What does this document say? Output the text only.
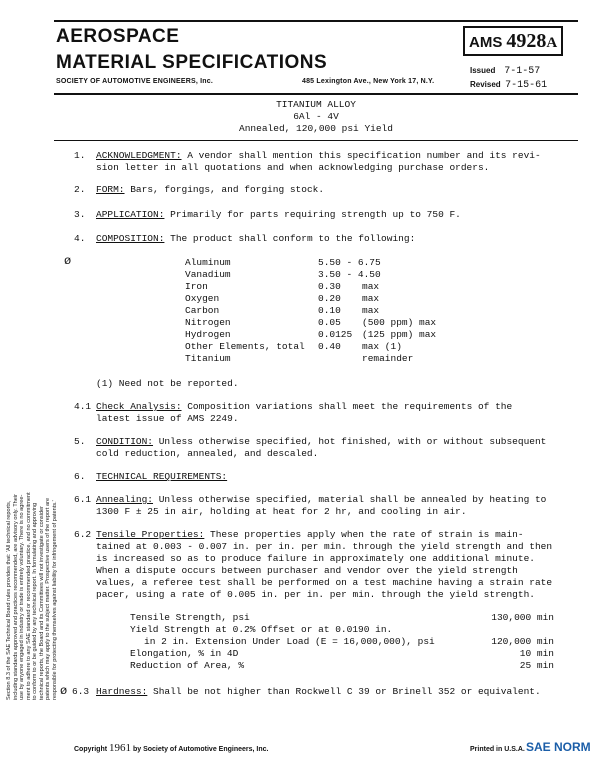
Section 8.3 of the SAE Technical Board rules provides that: 'All technical reports, including standards approved and practices recommended, are advisory only. Their use by anyone engaged in industry or trade is entirely voluntary. There is no agree- ment to adhere to any SAE standard or recommended practice, and no commitment to conform to or be guided by any technical report. In formulating and approving technical reports, the Board and its Committees will not investigate or consider patents which may apply to the subject matter. Prospective users of the report are responsible for protecting themselves against liability for infringement of patents.'
AEROSPACE
MATERIAL SPECIFICATIONS
SOCIETY OF AUTOMOTIVE ENGINEERS, Inc.	485 Lexington Ave., New York 17, N.Y.
AMS 4928A
Issued 7-1-57
Revised 7-15-61
TITANIUM ALLOY
6Al - 4V
Annealed, 120,000 psi Yield
1. ACKNOWLEDGMENT: A vendor shall mention this specification number and its revi-
sion letter in all quotations and when acknowledging purchase orders.
2. FORM: Bars, forgings, and forging stock.
3. APPLICATION: Primarily for parts requiring strength up to 750 F.
4. COMPOSITION: The product shall conform to the following:
ø	Aluminum	5.50 - 6.75
Vanadium	3.50 - 4.50
Iron	0.30 max
Oxygen	0.20 max
Carbon	0.10 max
Nitrogen	0.05 (500 ppm) max
Hydrogen	0.0125 (125 ppm) max
Other Elements, total 0.40 max (1)
Titanium	remainder
(1) Need not be reported.
4.1 Check Analysis: Composition variations shall meet the requirements of the
latest issue of AMS 2249.
5. CONDITION: Unless otherwise specified, hot finished, with or without subsequent
cold reduction, annealed, and descaled.
6. TECHNICAL REQUIREMENTS:
6.1 Annealing: Unless otherwise specified, material shall be annealed by heating to
1300 F ± 25 in air, holding at heat for 2 hr, and cooling in air.
6.2 Tensile Properties: These properties apply when the rate of strain is main-
tained at 0.003 - 0.007 in. per in. per min. through the yield strength and then
is increased so as to produce failure in approximately one additional minute.
When a dispute occurs between purchaser and vendor over the yield strength
values, a referee test shall be performed on a test machine having a strain rate
pacer, using a rate of 0.005 in. per in. per min. through the yield strength.
Tensile Strength, psi	130,000 min
Yield Strength at 0.2% Offset or at 0.0190 in.
in 2 in. Extension Under Load (E = 16,000,000), psi	120,000 min
Elongation, % in 4D	10 min
Reduction of Area, %	25 min
ø 6.3 Hardness: Shall be not higher than Rockwell C 39 or Brinell 352 or equivalent.
Copyright 1961 by Society of Automotive Engineers, Inc.	Printed in U.S.A. SAE NORM
